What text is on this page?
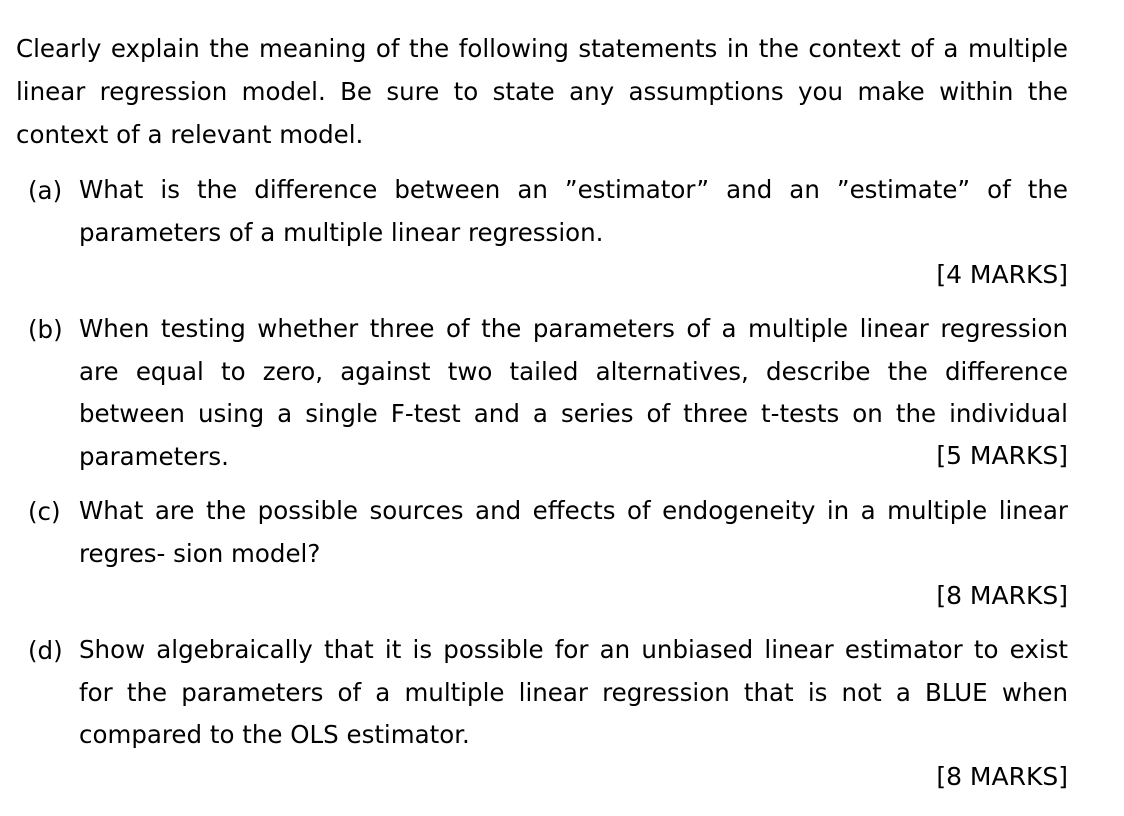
Clearly explain the meaning of the following statements in the context of a multiple linear regression model. Be sure to state any assumptions you make within the context of a relevant model.
(a) What is the difference between an ”estimator” and an ”estimate” of the parameters of a multiple linear regression.
[4 MARKS]
(b) When testing whether three of the parameters of a multiple linear regression are equal to zero, against two tailed alternatives, describe the difference between using a single F-test and a series of three t-tests on the individual parameters.	[5 MARKS]
(c) What are the possible sources and effects of endogeneity in a multiple linear regres- sion model?
[8 MARKS]
(d) Show algebraically that it is possible for an unbiased linear estimator to exist for the parameters of a multiple linear regression that is not a BLUE when compared to the OLS estimator.
[8 MARKS]
